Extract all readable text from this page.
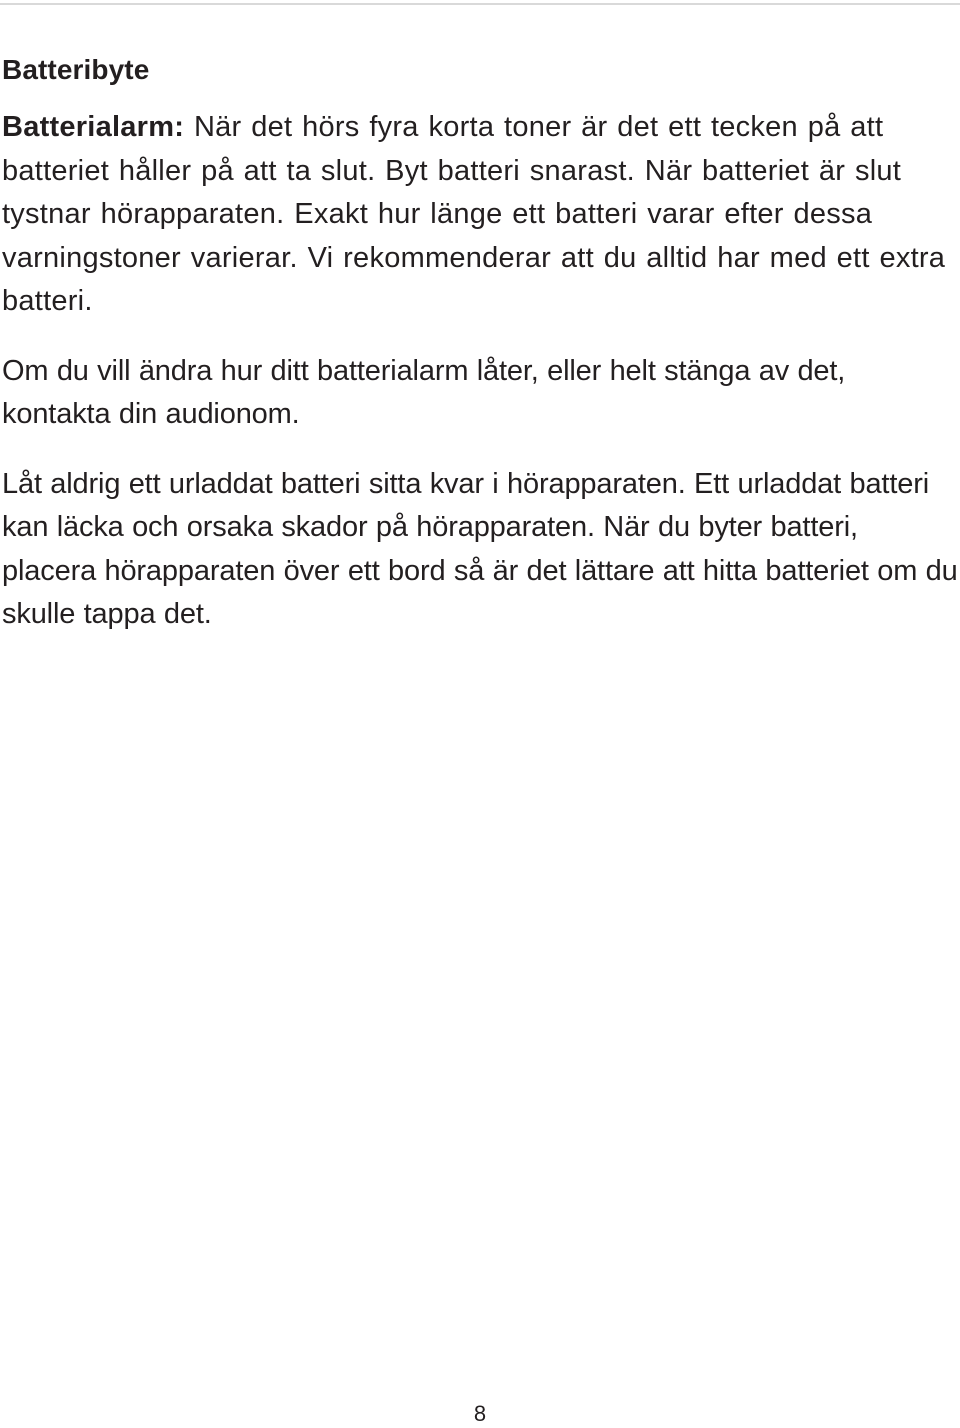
Batteribyte

Batterialarm: När det hörs fyra korta toner är det ett tecken på att batteriet håller på att ta slut. Byt batteri snarast. När batteriet är slut tystnar hörapparaten. Exakt hur länge ett batteri varar efter dessa varningstoner varierar. Vi rekommenderar att du alltid har med ett extra batteri.

Om du vill ändra hur ditt batterialarm låter, eller helt stänga av det, kontakta din audionom.

Låt aldrig ett urladdat batteri sitta kvar i hörapparaten. Ett urladdat batteri kan läcka och orsaka skador på hörapparaten. När du byter batteri, placera hörapparaten över ett bord så är det lättare att hitta batteriet om du skulle tappa det.

8
